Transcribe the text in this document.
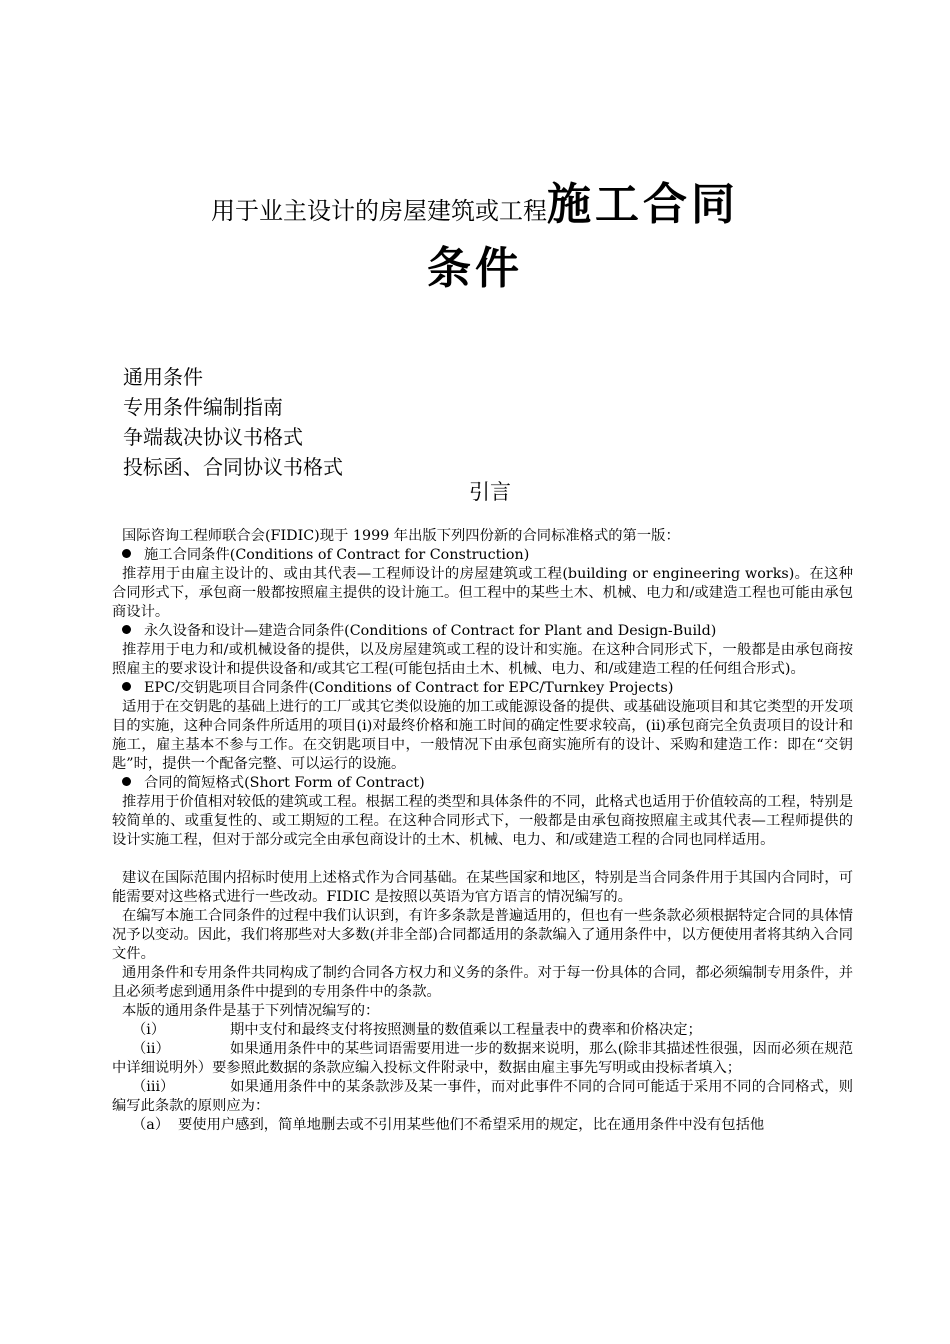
用于业主设计的房屋建筑或工程施工合同
条件
通用条件
专用条件编制指南
争端裁决协议书格式
投标函、合同协议书格式
引言

国际咨询工程师联合会(FIDIC)现于 1999 年出版下列四份新的合同标准格式的第一版：

施工合同条件(Conditions of Contract for Construction)

推荐用于由雇主设计的、或由其代表—工程师设计的房屋建筑或工程(building or engineering works)。在这种合同形式下，承包商一般都按照雇主提供的设计施工。但工程中的某些土木、机械、电力和/或建造工程也可能由承包商设计。

永久设备和设计—建造合同条件(Conditions of Contract for Plant and Design-Build)

推荐用于电力和/或机械设备的提供，以及房屋建筑或工程的设计和实施。在这种合同形式下，一般都是由承包商按照雇主的要求设计和提供设备和/或其它工程(可能包括由土木、机械、电力、和/或建造工程的任何组合形式)。

EPC/交钥匙项目合同条件(Conditions of Contract for EPC/Turnkey Projects)

适用于在交钥匙的基础上进行的工厂或其它类似设施的加工或能源设备的提供、或基础设施项目和其它类型的开发项目的实施，这种合同条件所适用的项目(i)对最终价格和施工时间的确定性要求较高，(ii)承包商完全负责项目的设计和施工，雇主基本不参与工作。在交钥匙项目中，一般情况下由承包商实施所有的设计、采购和建造工作：即在“交钥匙”时，提供一个配备完整、可以运行的设施。

合同的简短格式(Short Form of Contract)

推荐用于价值相对较低的建筑或工程。根据工程的类型和具体条件的不同，此格式也适用于价值较高的工程，特别是较简单的、或重复性的、或工期短的工程。在这种合同形式下，一般都是由承包商按照雇主或其代表—工程师提供的设计实施工程，但对于部分或完全由承包商设计的土木、机械、电力、和/或建造工程的合同也同样适用。

建议在国际范围内招标时使用上述格式作为合同基础。在某些国家和地区，特别是当合同条件用于其国内合同时，可能需要对这些格式进行一些改动。FIDIC 是按照以英语为官方语言的情况编写的。

在编写本施工合同条件的过程中我们认识到，有许多条款是普遍适用的，但也有一些条款必须根据特定合同的具体情况予以变动。因此，我们将那些对大多数(并非全部)合同都适用的条款编入了通用条件中，以方便使用者将其纳入合同文件。

通用条件和专用条件共同构成了制约合同各方权力和义务的条件。对于每一份具体的合同，都必须编制专用条件，并且必须考虑到通用条件中提到的专用条件中的条款。

本版的通用条件是基于下列情况编写的：

（i）	期中支付和最终支付将按照测量的数值乘以工程量表中的费率和价格决定；

（ii）	如果通用条件中的某些词语需要用进一步的数据来说明，那么(除非其描述性很强，因而必须在规范中详细说明外）要参照此数据的条款应编入投标文件附录中，数据由雇主事先写明或由投标者填入；

（iii）	如果通用条件中的某条款涉及某一事件，而对此事件不同的合同可能适于采用不同的合同格式，则编写此条款的原则应为：

（a） 要使用户感到，简单地删去或不引用某些他们不希望采用的规定，比在通用条件中没有包括他
